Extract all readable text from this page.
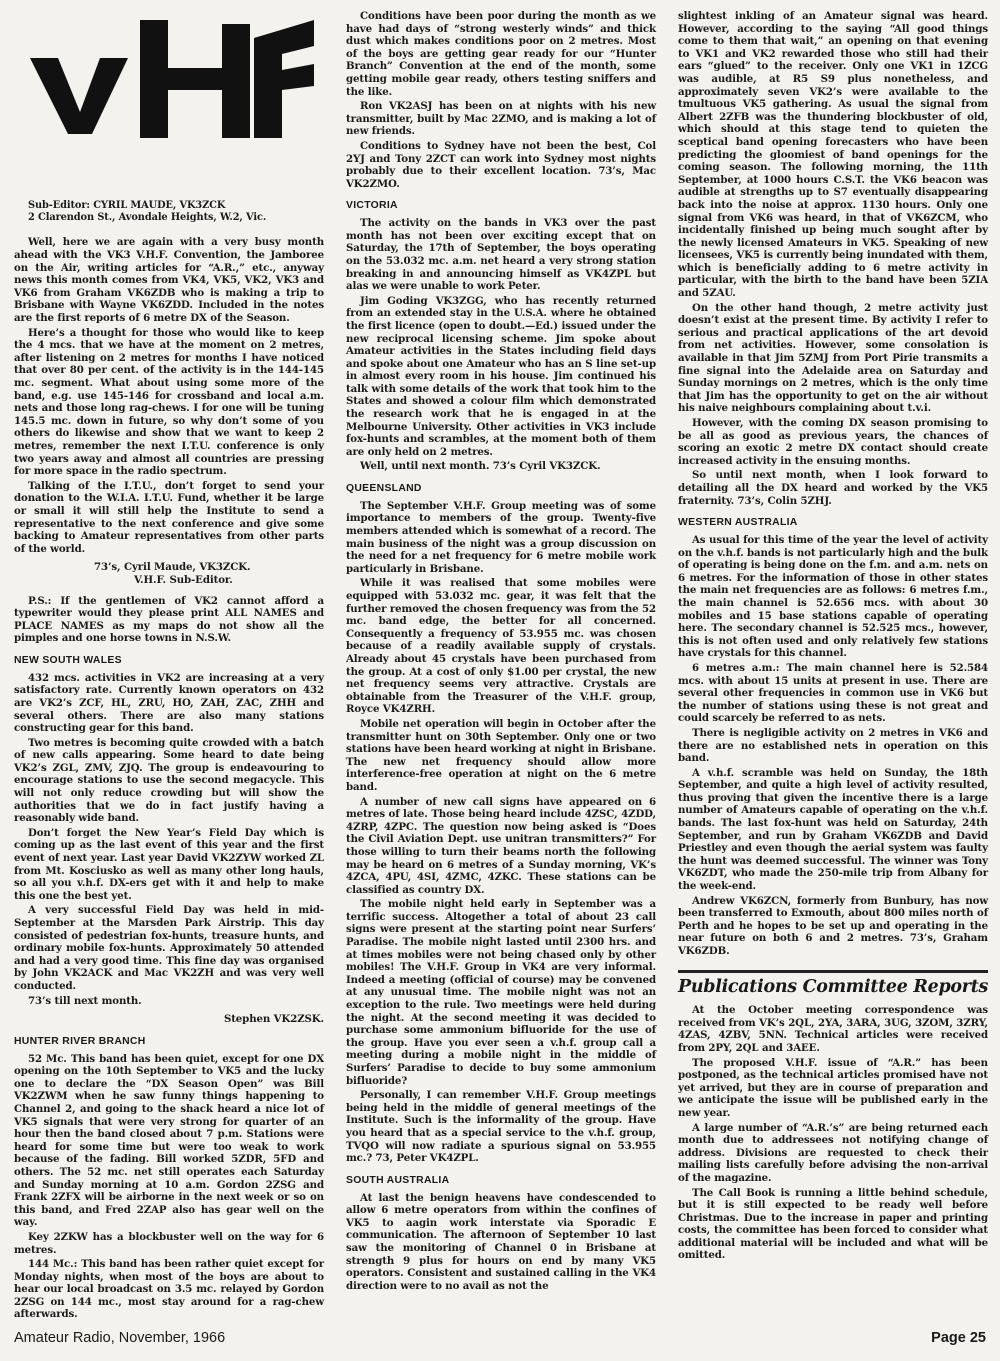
Sub-Editor: CYRIL MAUDE, VK3ZCK
2 Clarendon St., Avondale Heights, W.2, Vic.

Well, here we are again with a very busy month ahead with the VK3 V.H.F. Convention, the Jamboree on the Air, writing articles for “A.R.,” etc., anyway news this month comes from VK4, VK5, VK2, VK3 and VK6 from Graham VK6ZDB who is making a trip to Brisbane with Wayne VK6ZDD. Included in the notes are the first reports of 6 metre DX of the Season.

Here’s a thought for those who would like to keep the 4 mcs. that we have at the moment on 2 metres, after listening on 2 metres for months I have noticed that over 80 per cent. of the activity is in the 144-145 mc. segment. What about using some more of the band, e.g. use 145-146 for crossband and local a.m. nets and those long rag-chews. I for one will be tuning 145.5 mc. down in future, so why don’t some of you others do likewise and show that we want to keep 2 metres, remember the next I.T.U. conference is only two years away and almost all countries are pressing for more space in the radio spectrum.

Talking of the I.T.U., don’t forget to send your donation to the W.I.A. I.T.U. Fund, whether it be large or small it will still help the Institute to send a representative to the next conference and give some backing to Amateur representatives from other parts of the world.

73’s, Cyril Maude, VK3ZCK.

V.H.F. Sub-Editor.

P.S.: If the gentlemen of VK2 cannot afford a typewriter would they please print ALL NAMES and PLACE NAMES as my maps do not show all the pimples and one horse towns in N.S.W.

NEW SOUTH WALES

432 mcs. activities in VK2 are increasing at a very satisfactory rate. Currently known operators on 432 are VK2’s ZCF, HL, ZRU, HO, ZAH, ZAC, ZHH and several others. There are also many stations constructing gear for this band.

Two metres is becoming quite crowded with a batch of new calls appearing. Some heard to date being VK2’s ZGL, ZMV, ZJQ. The group is endeavouring to encourage stations to use the second megacycle. This will not only reduce crowding but will show the authorities that we do in fact justify having a reasonably wide band.

Don’t forget the New Year’s Field Day which is coming up as the last event of this year and the first event of next year. Last year David VK2ZYW worked ZL from Mt. Kosciusko as well as many other long hauls, so all you v.h.f. DX-ers get with it and help to make this one the best yet.

A very successful Field Day was held in mid-September at the Marsden Park Airstrip. This day consisted of pedestrian fox-hunts, treasure hunts, and ordinary mobile fox-hunts. Approximately 50 attended and had a very good time. This fine day was organised by John VK2ACK and Mac VK2ZH and was very well conducted.

73’s till next month.

Stephen VK2ZSK.

HUNTER RIVER BRANCH

52 Mc. This band has been quiet, except for one DX opening on the 10th September to VK5 and the lucky one to declare the “DX Season Open” was Bill VK2ZWM when he saw funny things happening to Channel 2, and going to the shack heard a nice lot of VK5 signals that were very strong for quarter of an hour then the band closed about 7 p.m. Stations were heard for some time but were too weak to work because of the fading. Bill worked 5ZDR, 5FD and others. The 52 mc. net still operates each Saturday and Sunday morning at 10 a.m. Gordon 2ZSG and Frank 2ZFX will be airborne in the next week or so on this band, and Fred 2ZAP also has gear well on the way.

Key 2ZKW has a blockbuster well on the way for 6 metres.

144 Mc.: This band has been rather quiet except for Monday nights, when most of the boys are about to hear our local broadcast on 3.5 mc. relayed by Gordon 2ZSG on 144 mc., most stay around for a rag-chew afterwards.

Conditions have been poor during the month as we have had days of “strong westerly winds” and thick dust which makes conditions poor on 2 metres. Most of the boys are getting gear ready for our “Hunter Branch” Convention at the end of the month, some getting mobile gear ready, others testing sniffers and the like.

Ron VK2ASJ has been on at nights with his new transmitter, built by Mac 2ZMO, and is making a lot of new friends.

Conditions to Sydney have not been the best, Col 2YJ and Tony 2ZCT can work into Sydney most nights probably due to their excellent location. 73’s, Mac VK2ZMO.

VICTORIA

The activity on the bands in VK3 over the past month has not been over exciting except that on Saturday, the 17th of September, the boys operating on the 53.032 mc. a.m. net heard a very strong station breaking in and announcing himself as VK4ZPL but alas we were unable to work Peter.

Jim Goding VK3ZGG, who has recently returned from an extended stay in the U.S.A. where he obtained the first licence (open to doubt.—Ed.) issued under the new reciprocal licensing scheme. Jim spoke about Amateur activities in the States including field days and spoke about one Amateur who has an S line set-up in almost every room in his house. Jim continued his talk with some details of the work that took him to the States and showed a colour film which demonstrated the research work that he is engaged in at the Melbourne University. Other activities in VK3 include fox-hunts and scrambles, at the moment both of them are only held on 2 metres.

Well, until next month. 73’s Cyril VK3ZCK.

QUEENSLAND

The September V.H.F. Group meeting was of some importance to members of the group. Twenty-five members attended which is somewhat of a record. The main business of the night was a group discussion on the need for a net frequency for 6 metre mobile work particularly in Brisbane.

While it was realised that some mobiles were equipped with 53.032 mc. gear, it was felt that the further removed the chosen frequency was from the 52 mc. band edge, the better for all concerned. Consequently a frequency of 53.955 mc. was chosen because of a readily available supply of crystals. Already about 45 crystals have been purchased from the group. At a cost of only $1.00 per crystal, the new net frequency seems very attractive. Crystals are obtainable from the Treasurer of the V.H.F. group, Royce VK4ZRH.

Mobile net operation will begin in October after the transmitter hunt on 30th September. Only one or two stations have been heard working at night in Brisbane. The new net frequency should allow more interference-free operation at night on the 6 metre band.

A number of new call signs have appeared on 6 metres of late. Those being heard include 4ZSC, 4ZDD, 4ZRP, 4ZPC. The question now being asked is “Does the Civil Aviation Dept. use unitran transmitters?” For those willing to turn their beams north the following may be heard on 6 metres of a Sunday morning, VK’s 4ZCA, 4PU, 4SI, 4ZMC, 4ZKC. These stations can be classified as country DX.

The mobile night held early in September was a terrific success. Altogether a total of about 23 call signs were present at the starting point near Surfers’ Paradise. The mobile night lasted until 2300 hrs. and at times mobiles were not being chased only by other mobiles! The V.H.F. Group in VK4 are very informal. Indeed a meeting (official of course) may be convened at any unusual time. The mobile night was not an exception to the rule. Two meetings were held during the night. At the second meeting it was decided to purchase some ammonium bifluoride for the use of the group. Have you ever seen a v.h.f. group call a meeting during a mobile night in the middle of Surfers’ Paradise to decide to buy some ammonium bifluoride?

Personally, I can remember V.H.F. Group meetings being held in the middle of general meetings of the Institute. Such is the informality of the group. Have you heard that as a special service to the v.h.f. group, TVQO will now radiate a spurious signal on 53.955 mc.? 73, Peter VK4ZPL.

SOUTH AUSTRALIA

At last the benign heavens have condescended to allow 6 metre operators from within the confines of VK5 to aagin work interstate via Sporadic E communication. The afternoon of September 10 last saw the monitoring of Channel 0 in Brisbane at strength 9 plus for hours on end by many VK5 operators. Consistent and sustained calling in the VK4 direction were to no avail as not the

slightest inkling of an Amateur signal was heard. However, according to the saying “All good things come to them that wait,” an opening on that evening to VK1 and VK2 rewarded those who still had their ears “glued” to the receiver. Only one VK1 in 1ZCG was audible, at R5 S9 plus nonetheless, and approximately seven VK2’s were available to the tmultuous VK5 gathering. As usual the signal from Albert 2ZFB was the thundering blockbuster of old, which should at this stage tend to quieten the sceptical band opening forecasters who have been predicting the gloomiest of band openings for the coming season. The following morning, the 11th September, at 1000 hours C.S.T. the VK6 beacon was audible at strengths up to S7 eventually disappearing back into the noise at approx. 1130 hours. Only one signal from VK6 was heard, in that of VK6ZCM, who incidentally finished up being much sought after by the newly licensed Amateurs in VK5. Speaking of new licensees, VK5 is currently being inundated with them, which is beneficially adding to 6 metre activity in particular, with the birth to the band have been 5ZIA and 5ZAU.

On the other hand though, 2 metre activity just doesn’t exist at the present time. By activity I refer to serious and practical applications of the art devoid from net activities. However, some consolation is available in that Jim 5ZMJ from Port Pirie transmits a fine signal into the Adelaide area on Saturday and Sunday mornings on 2 metres, which is the only time that Jim has the opportunity to get on the air without his naive neighbours complaining about t.v.i.

However, with the coming DX season promising to be all as good as previous years, the chances of scoring an exotic 2 metre DX contact should create increased activity in the ensuing months.

So until next month, when I look forward to detailing all the DX heard and worked by the VK5 fraternity. 73’s, Colin 5ZHJ.

WESTERN AUSTRALIA

As usual for this time of the year the level of activity on the v.h.f. bands is not particularly high and the bulk of operating is being done on the f.m. and a.m. nets on 6 metres. For the information of those in other states the main net frequencies are as follows: 6 metres f.m., the main channel is 52.656 mcs. with about 30 mobiles and 15 base stations capable of operating here. The secondary channel is 52.525 mcs., however, this is not often used and only relatively few stations have crystals for this channel.

6 metres a.m.: The main channel here is 52.584 mcs. with about 15 units at present in use. There are several other frequencies in common use in VK6 but the number of stations using these is not great and could scarcely be referred to as nets.

There is negligible activity on 2 metres in VK6 and there are no established nets in operation on this band.

A v.h.f. scramble was held on Sunday, the 18th September, and quite a high level of activity resulted, thus proving that given the incentive there is a large number of Amateurs capable of operating on the v.h.f. bands. The last fox-hunt was held on Saturday, 24th September, and run by Graham VK6ZDB and David Priestley and even though the aerial system was faulty the hunt was deemed successful. The winner was Tony VK6ZDT, who made the 250-mile trip from Albany for the week-end.

Andrew VK6ZCN, formerly from Bunbury, has now been transferred to Exmouth, about 800 miles north of Perth and he hopes to be set up and operating in the near future on both 6 and 2 metres. 73’s, Graham VK6ZDB.

Publications Committee Reports

At the October meeting correspondence was received from VK’s 2QL, 2YA, 3ARA, 3UG, 3ZOM, 3ZRY, 4ZAS, 4ZBV, 5NN. Technical articles were received from 2PY, 2QL and 3AEE.

The proposed V.H.F. issue of “A.R.” has been postponed, as the technical articles promised have not yet arrived, but they are in course of preparation and we anticipate the issue will be published early in the new year.

A large number of “A.R.’s” are being returned each month due to addressees not notifying change of address. Divisions are requested to check their mailing lists carefully before advising the non-arrival of the magazine.

The Call Book is running a little behind schedule, but it is still expected to be ready well before Christmas. Due to the increase in paper and printing costs, the committee has been forced to consider what additional material will be included and what will be omitted.

Amateur Radio, November, 1966	Page 25
